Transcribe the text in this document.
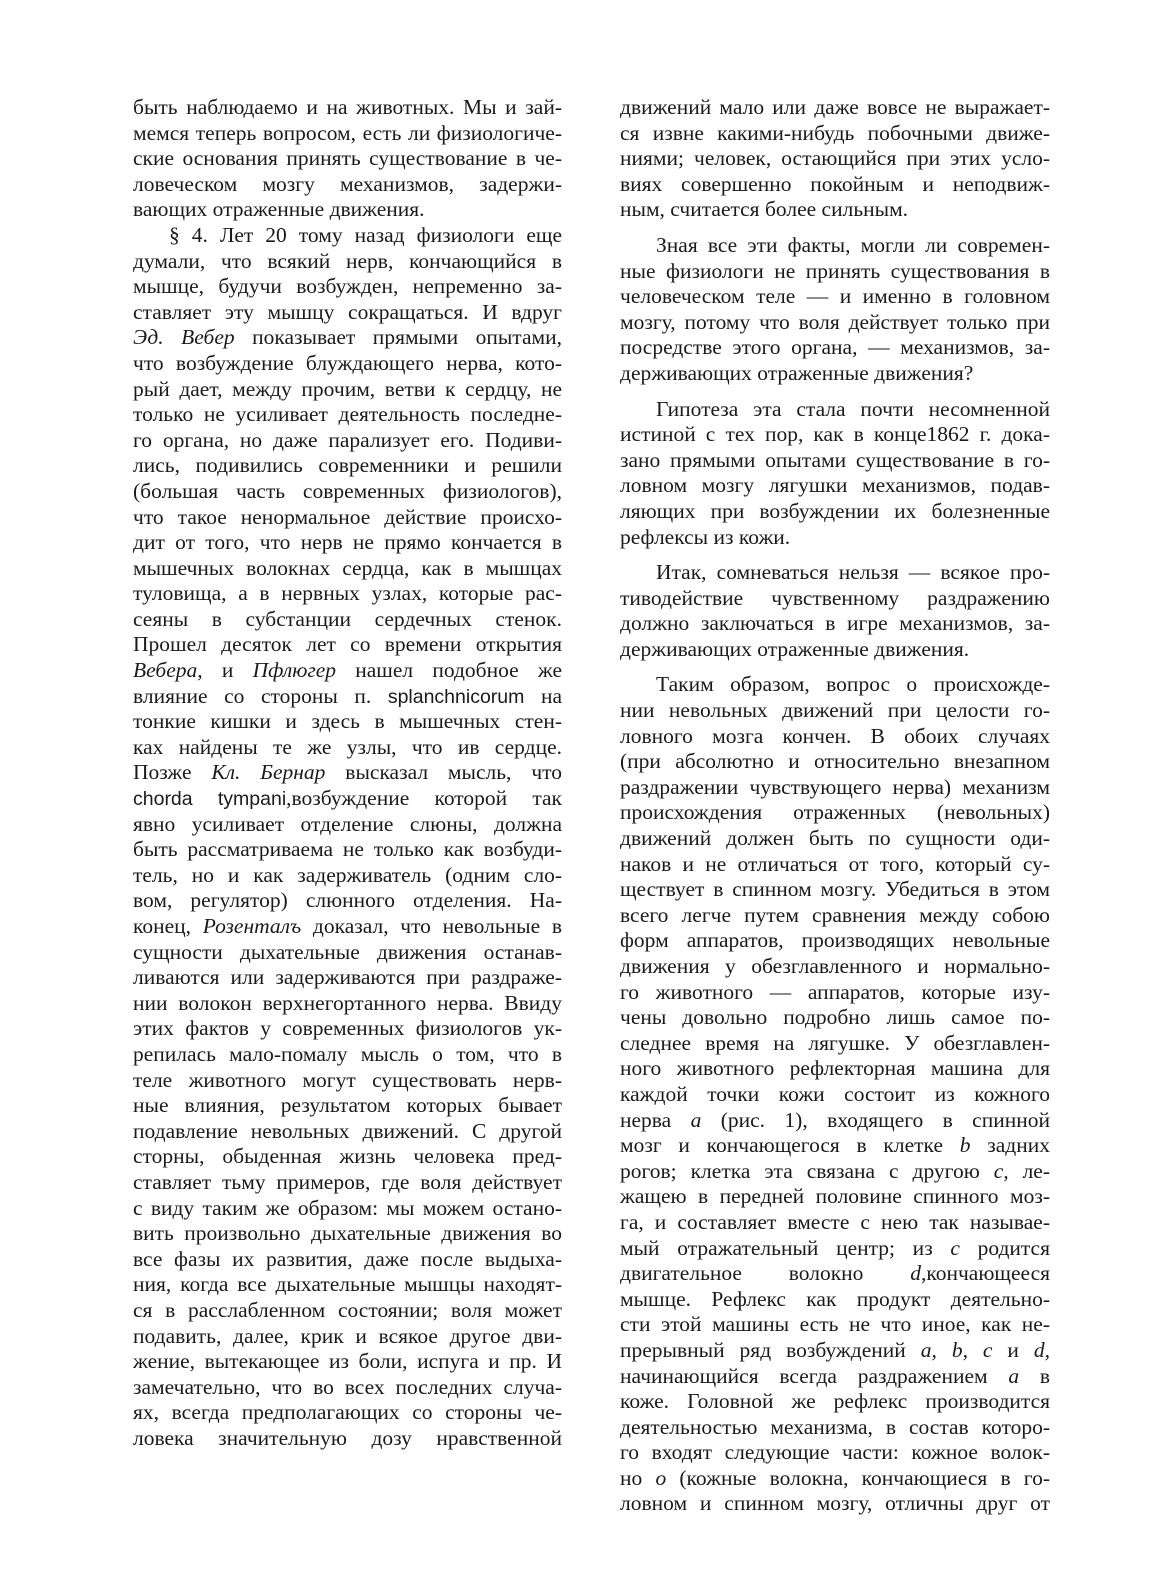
быть наблюдаемо и на животных. Мы и зай-
мемся теперь вопросом, есть ли физиологиче-
ские основания принять существование в че-
ловеческом мозгу механизмов, задержи-
вающих отраженные движения.
§ 4. Лет 20 тому назад физиологи еще
думали, что всякий нерв, кончающийся в
мышце, будучи возбужден, непременно за-
ставляет эту мышцу сокращаться. И вдруг
Эд. Вебер показывает прямыми опытами,
что возбуждение блуждающего нерва, кото-
рый дает, между прочим, ветви к сердцу, не
только не усиливает деятельность последне-
го органа, но даже парализует его. Подиви-
лись, подивились современники и решили
(большая часть современных физиологов),
что такое ненормальное действие происхо-
дит от того, что нерв не прямо кончается в
мышечных волокнах сердца, как в мышцах
туловища, а в нервных узлах, которые рас-
сеяны в субстанции сердечных стенок.
Прошел десяток лет со времени открытия
Вебера, и Пфлюгер нашел подобное же
влияние со стороны п. splanchnicorum на
тонкие кишки и здесь в мышечных стен-
ках найдены те же узлы, что ив сердце.
Позже Кл. Бернар высказал мысль, что
chorda tympani,возбуждение которой так
явно усиливает отделение слюны, должна
быть рассматриваема не только как возбуди-
тель, но и как задерживатель (одним сло-
вом, регулятор) слюнного отделения. На-
конец, Розенталъ доказал, что невольные в
сущности дыхательные движения останав-
ливаются или задерживаются при раздраже-
нии волокон верхнегортанного нерва. Ввиду
этих фактов у современных физиологов ук-
репилась мало-помалу мысль о том, что в
теле животного могут существовать нерв-
ные влияния, результатом которых бывает
подавление невольных движений. С другой
сторны, обыденная жизнь человека пред-
ставляет тьму примеров, где воля действует
с виду таким же образом: мы можем остано-
вить произвольно дыхательные движения во
все фазы их развития, даже после выдыха-
ния, когда все дыхательные мышцы находят-
ся в расслабленном состоянии; воля может
подавить, далее, крик и всякое другое дви-
жение, вытекающее из боли, испуга и пр. И
замечательно, что во всех последних случа-
ях, всегда предполагающих со стороны че-
ловека значительную дозу нравственной
движений мало или даже вовсе не выражает-
ся извне какими-нибудь побочными движе-
ниями; человек, остающийся при этих усло-
виях совершенно покойным и неподвиж-
ным, считается более сильным.
Зная все эти факты, могли ли современ-
ные физиологи не принять существования в
человеческом теле — и именно в головном
мозгу, потому что воля действует только при
посредстве этого органа, — механизмов, за-
держивающих отраженные движения?
Гипотеза эта стала почти несомненной
истиной с тех пор, как в конце1862 г. дока-
зано прямыми опытами существование в го-
ловном мозгу лягушки механизмов, подав-
ляющих при возбуждении их болезненные
рефлексы из кожи.
Итак, сомневаться нельзя — всякое про-
тиводействие чувственному раздражению
должно заключаться в игре механизмов, за-
держивающих отраженные движения.
Таким образом, вопрос о происхожде-
нии невольных движений при целости го-
ловного мозга кончен. В обоих случаях
(при абсолютно и относительно внезапном
раздражении чувствующего нерва) механизм
происхождения отраженных (невольных)
движений должен быть по сущности оди-
наков и не отличаться от того, который су-
ществует в спинном мозгу. Убедиться в этом
всего легче путем сравнения между собою
форм аппаратов, производящих невольные
движения у обезглавленного и нормально-
го животного — аппаратов, которые изу-
чены довольно подробно лишь самое по-
следнее время на лягушке. У обезглавлен-
ного животного рефлекторная машина для
каждой точки кожи состоит из кожного
нерва a (рис. 1), входящего в спинной
мозг и кончающегося в клетке b задних
рогов; клетка эта связана с другою c, ле-
жащею в передней половине спинного моз-
га, и составляет вместе с нею так называе-
мый отражательный центр; из c родится
двигательное волокно d,кончающееся
мышце. Рефлекс как продукт деятельно-
сти этой машины есть не что иное, как не-
прерывный ряд возбуждений a, b, c и d,
начинающийся всегда раздражением a в
коже. Головной же рефлекс производится
деятельностью механизма, в состав которо-
го входят следующие части: кожное волок-
но o (кожные волокна, кончающиеся в го-
ловном и спинном мозгу, отличны друг от
